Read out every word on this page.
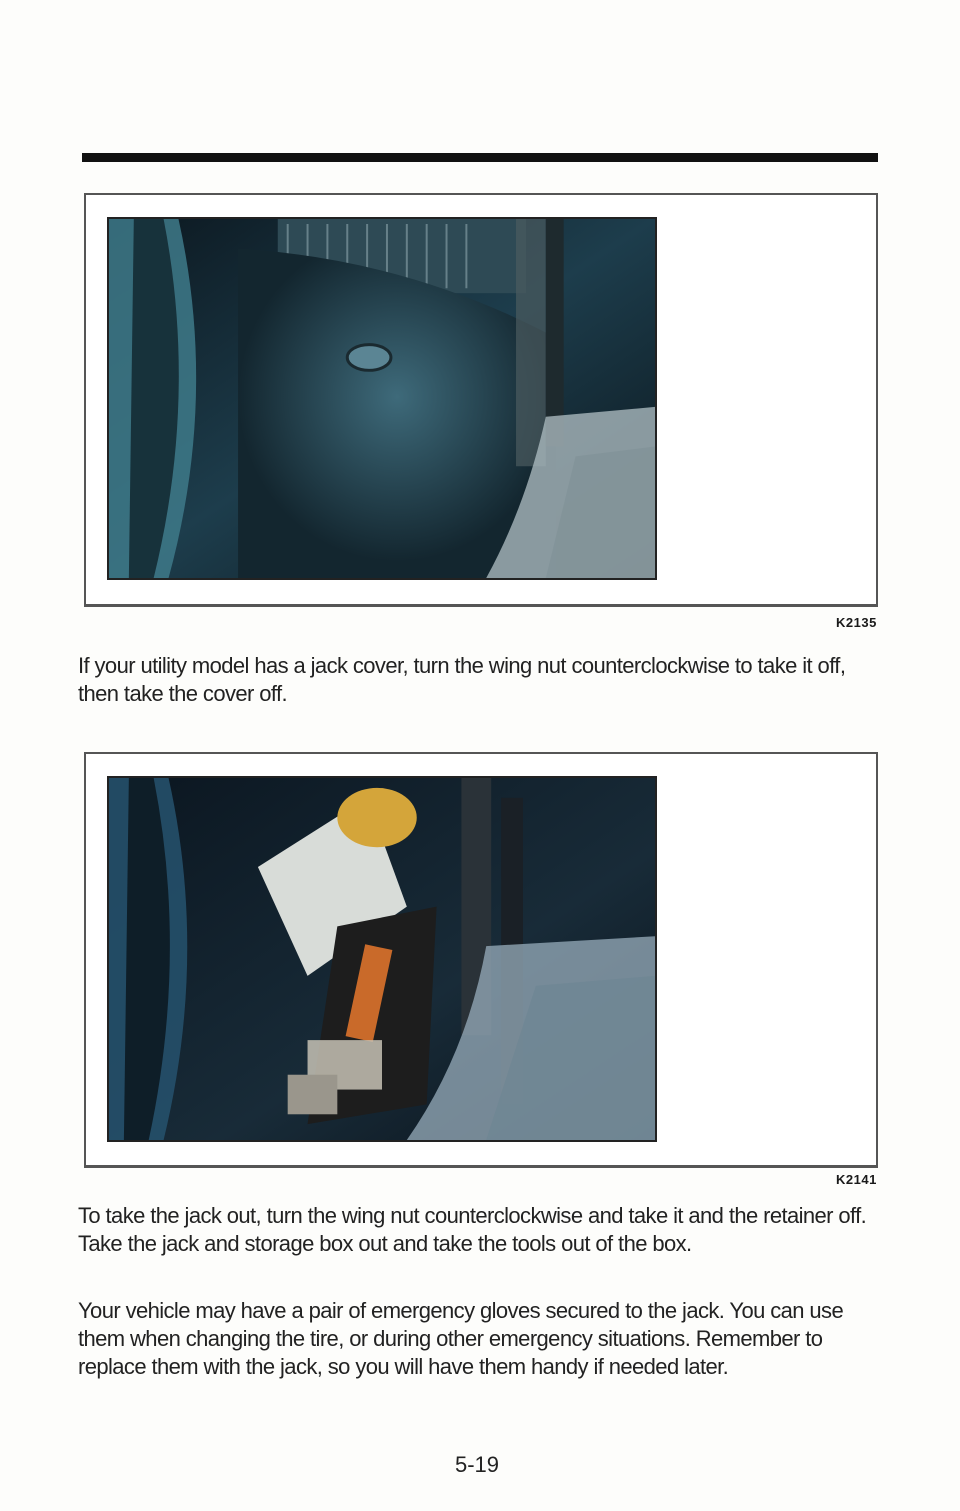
K2135

If your utility model has a jack cover, turn the wing nut counterclockwise to take it off, then take the cover off.

K2141

To take the jack out, turn the wing nut counterclockwise and take it and the retainer off. Take the jack and storage box out and take the tools out of the box.

Your vehicle may have a pair of emergency gloves secured to the jack. You can use them when changing the tire, or during other emergency situations. Remember to replace them with the jack, so you will have them handy if needed later.

5-19
